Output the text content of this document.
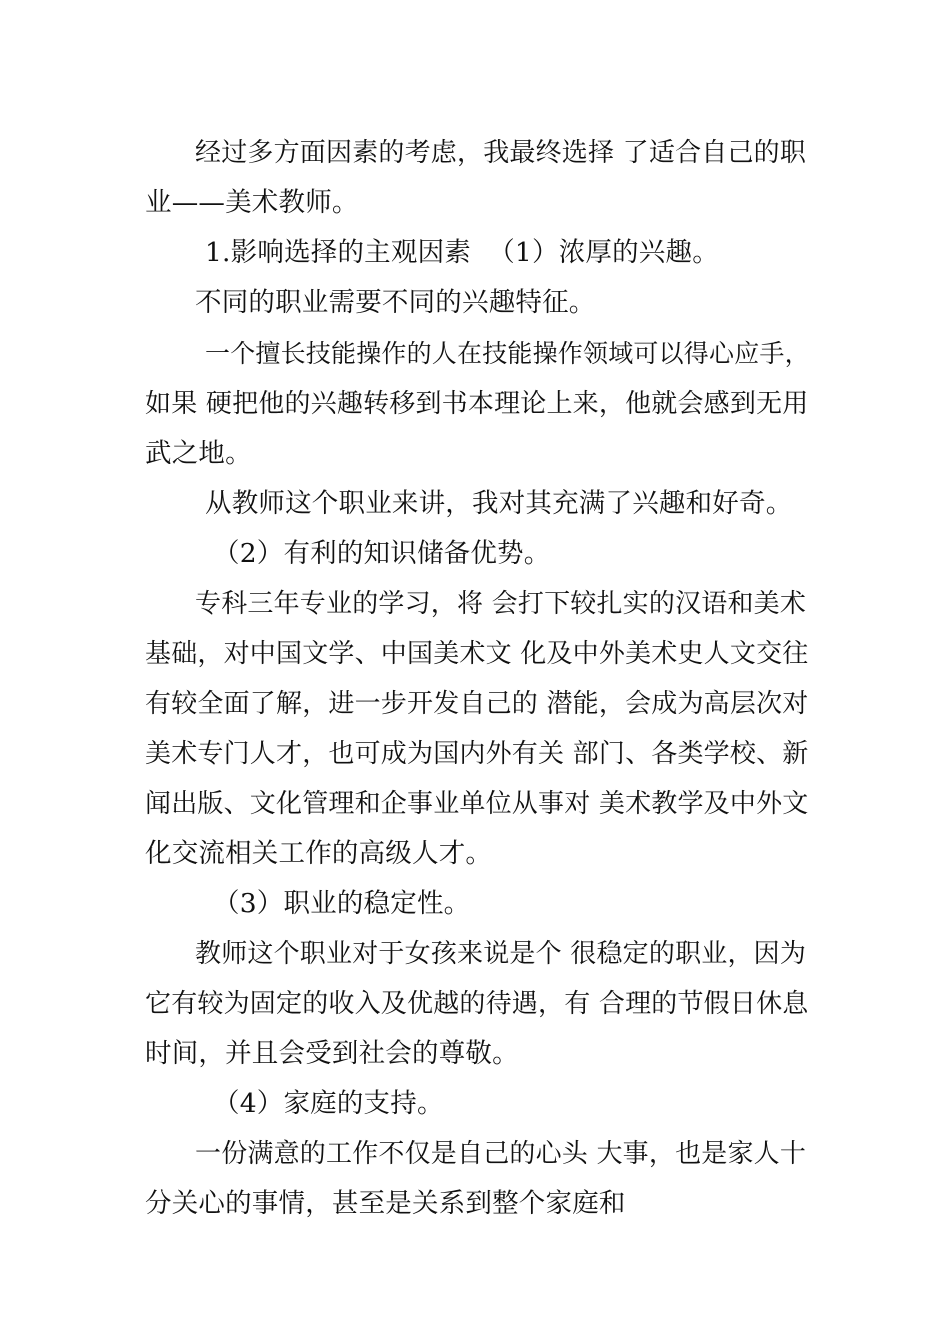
经过多方面因素的考虑，我最终选择 了适合自己的职

业——美术教师。

1.影响选择的主观因素  （1）浓厚的兴趣。

不同的职业需要不同的兴趣特征。

一个擅长技能操作的人在技能操作领域可以得心应手，

如果 硬把他的兴趣转移到书本理论上来，他就会感到无用

武之地。

从教师这个职业来讲，我对其充满了兴趣和好奇。

（2）有利的知识储备优势。

专科三年专业的学习，将 会打下较扎实的汉语和美术

基础，对中国文学、中国美术文 化及中外美术史人文交往

有较全面了解，进一步开发自己的 潜能，会成为高层次对

美术专门人才，也可成为国内外有关 部门、各类学校、新

闻出版、文化管理和企事业单位从事对 美术教学及中外文

化交流相关工作的高级人才。

（3）职业的稳定性。

教师这个职业对于女孩来说是个 很稳定的职业，因为

它有较为固定的收入及优越的待遇，有 合理的节假日休息

时间，并且会受到社会的尊敬。

（4）家庭的支持。

一份满意的工作不仅是自己的心头 大事，也是家人十

分关心的事情，甚至是关系到整个家庭和
